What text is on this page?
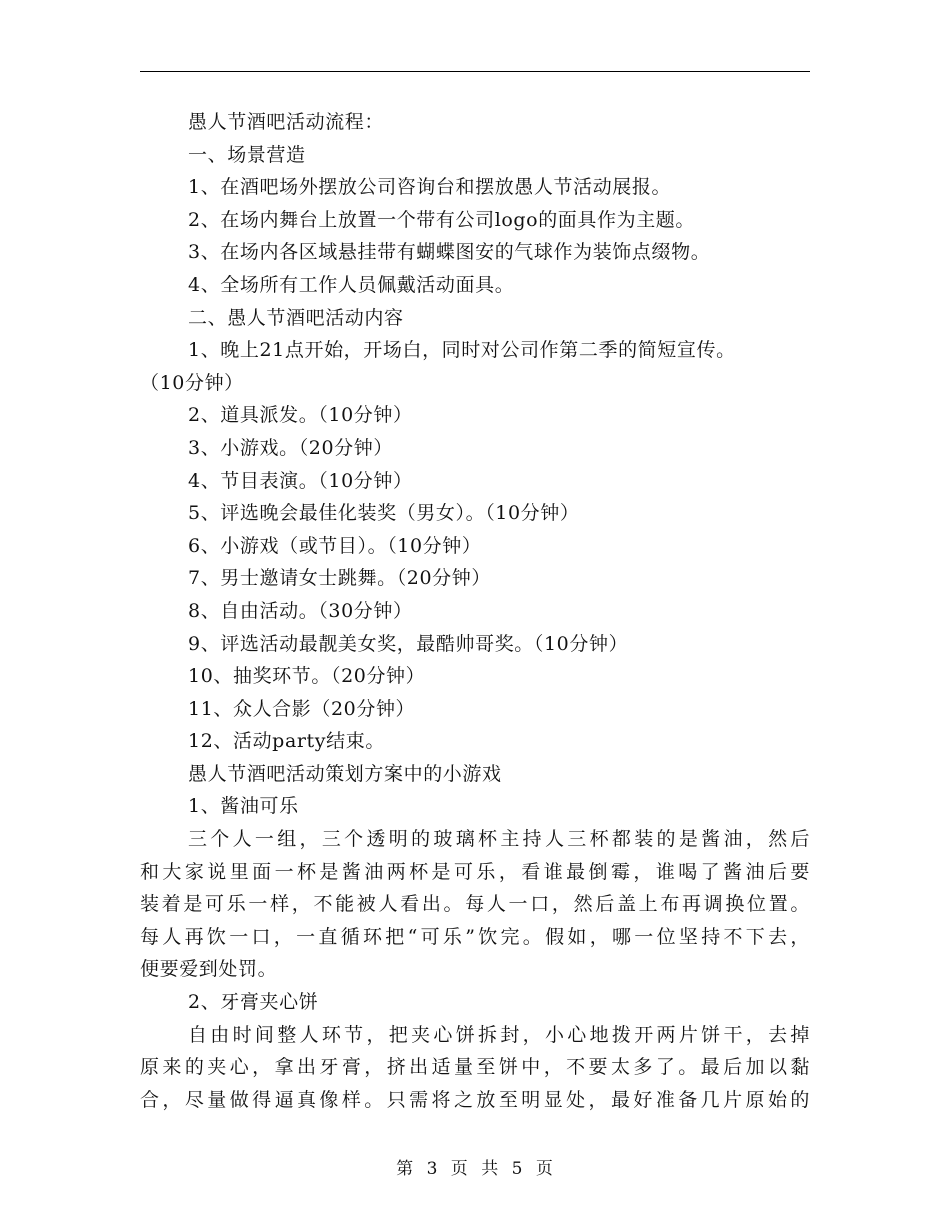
愚人节酒吧活动流程：
一、场景营造
1、在酒吧场外摆放公司咨询台和摆放愚人节活动展报。
2、在场内舞台上放置一个带有公司logo的面具作为主题。
3、在场内各区域悬挂带有蝴蝶图安的气球作为装饰点缀物。
4、全场所有工作人员佩戴活动面具。
二、愚人节酒吧活动内容
1、晚上21点开始，开场白，同时对公司作第二季的简短宣传。
（10分钟）
2、道具派发。（10分钟）
3、小游戏。（20分钟）
4、节目表演。（10分钟）
5、评选晚会最佳化装奖（男女）。（10分钟）
6、小游戏（或节目）。（10分钟）
7、男士邀请女士跳舞。（20分钟）
8、自由活动。（30分钟）
9、评选活动最靓美女奖，最酷帅哥奖。（10分钟）
10、抽奖环节。（20分钟）
11、众人合影（20分钟）
12、活动party结束。
愚人节酒吧活动策划方案中的小游戏
1、酱油可乐
三个人一组，三个透明的玻璃杯主持人三杯都装的是酱油，然后
和大家说里面一杯是酱油两杯是可乐，看谁最倒霉，谁喝了酱油后要
装着是可乐一样，不能被人看出。每人一口，然后盖上布再调换位置。
每人再饮一口，一直循环把“可乐”饮完。假如，哪一位坚持不下去，
便要爱到处罚。
2、牙膏夹心饼
自由时间整人环节，把夹心饼拆封，小心地拨开两片饼干，去掉
原来的夹心，拿出牙膏，挤出适量至饼中，不要太多了。最后加以黏
合，尽量做得逼真像样。只需将之放至明显处，最好准备几片原始的
第 3 页 共 5 页
